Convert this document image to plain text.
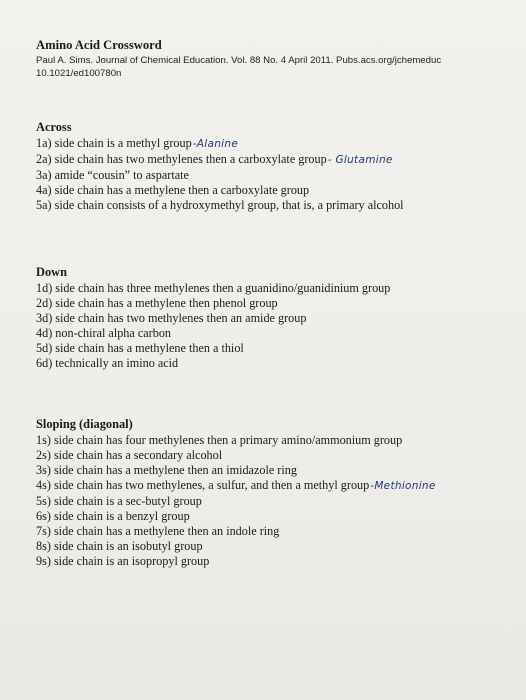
Amino Acid Crossword
Paul A. Sims. Journal of Chemical Education. Vol. 88 No. 4 April 2011. Pubs.acs.org/jchemeduc
10.1021/ed100780n
Across
1a) side chain is a methyl group-Alanine
2a) side chain has two methylenes then a carboxylate group- Glutamine
3a) amide “cousin” to aspartate
4a) side chain has a methylene then a carboxylate group
5a) side chain consists of a hydroxymethyl group, that is, a primary alcohol
Down
1d) side chain has three methylenes then a guanidino/guanidinium group
2d) side chain has a methylene then phenol group
3d) side chain has two methylenes then an amide group
4d) non-chiral alpha carbon
5d) side chain has a methylene then a thiol
6d) technically an imino acid
Sloping (diagonal)
1s) side chain has four methylenes then a primary amino/ammonium group
2s) side chain has a secondary alcohol
3s) side chain has a methylene then an imidazole ring
4s) side chain has two methylenes, a sulfur, and then a methyl group-Methionine
5s) side chain is a sec-butyl group
6s) side chain is a benzyl group
7s) side chain has a methylene then an indole ring
8s) side chain is an isobutyl group
9s) side chain is an isopropyl group
